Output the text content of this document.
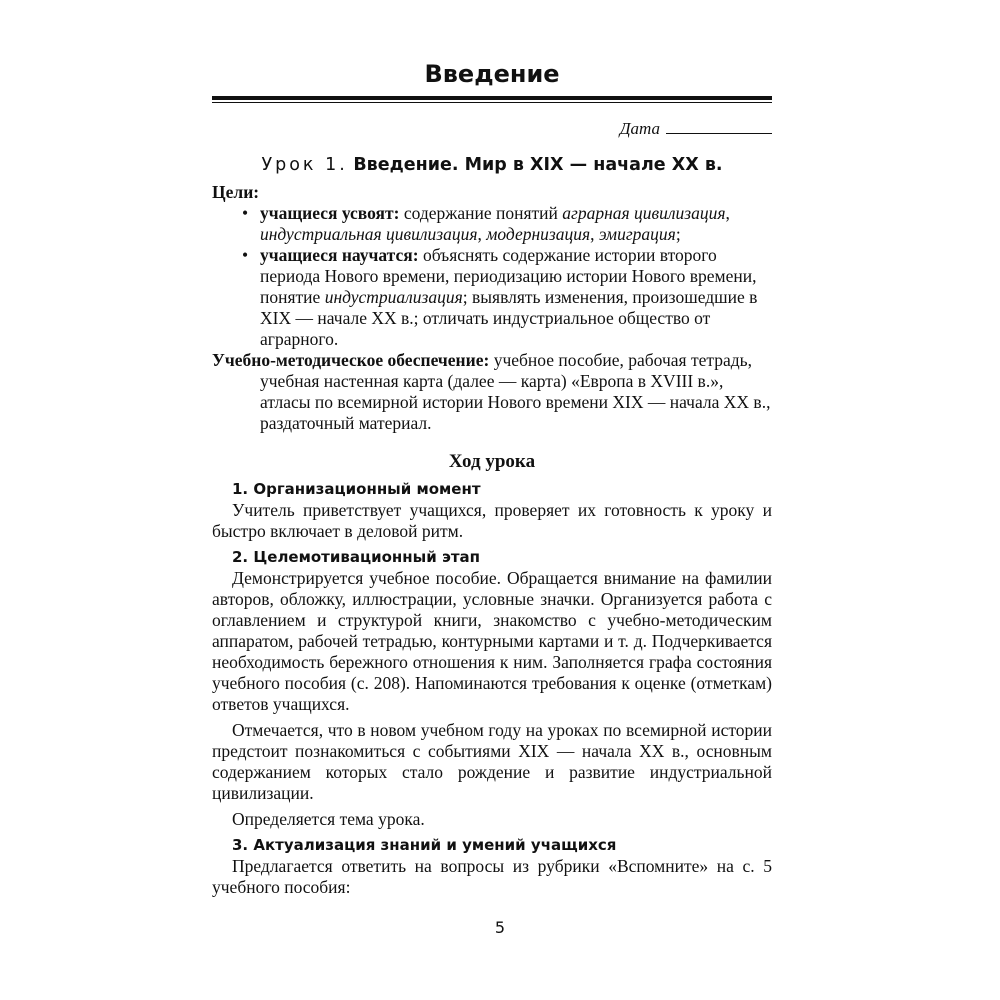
Введение
Дата
Урок 1. Введение. Мир в XIX — начале XX в.
Цели:
• учащиеся усвоят: содержание понятий аграрная цивилизация, индустриальная цивилизация, модернизация, эмиграция;
• учащиеся научатся: объяснять содержание истории второго периода Нового времени, периодизацию истории Нового времени, понятие индустриализация; выявлять изменения, произошедшие в XIX — начале XX в.; отличать индустриальное общество от аграрного.

Учебно-методическое обеспечение: учебное пособие, рабочая тетрадь, учебная настенная карта (далее — карта) «Европа в XVIII в.», атласы по всемирной истории Нового времени XIX — начала XX в., раздаточный материал.

Ход урока
1. Организационный момент

Учитель приветствует учащихся, проверяет их готовность к уроку и быстро включает в деловой ритм.

2. Целемотивационный этап

Демонстрируется учебное пособие. Обращается внимание на фамилии авторов, обложку, иллюстрации, условные значки. Организуется работа с оглавлением и структурой книги, знакомство с учебно-методическим аппаратом, рабочей тетрадью, контурными картами и т. д. Подчеркивается необходимость бережного отношения к ним. Заполняется графа состояния учебного пособия (с. 208). Напоминаются требования к оценке (отметкам) ответов учащихся.

Отмечается, что в новом учебном году на уроках по всемирной истории предстоит познакомиться с событиями XIX — начала XX в., основным содержанием которых стало рождение и развитие индустриальной цивилизации.

Определяется тема урока.

3. Актуализация знаний и умений учащихся

Предлагается ответить на вопросы из рубрики «Вспомните» на с. 5 учебного пособия:

5
